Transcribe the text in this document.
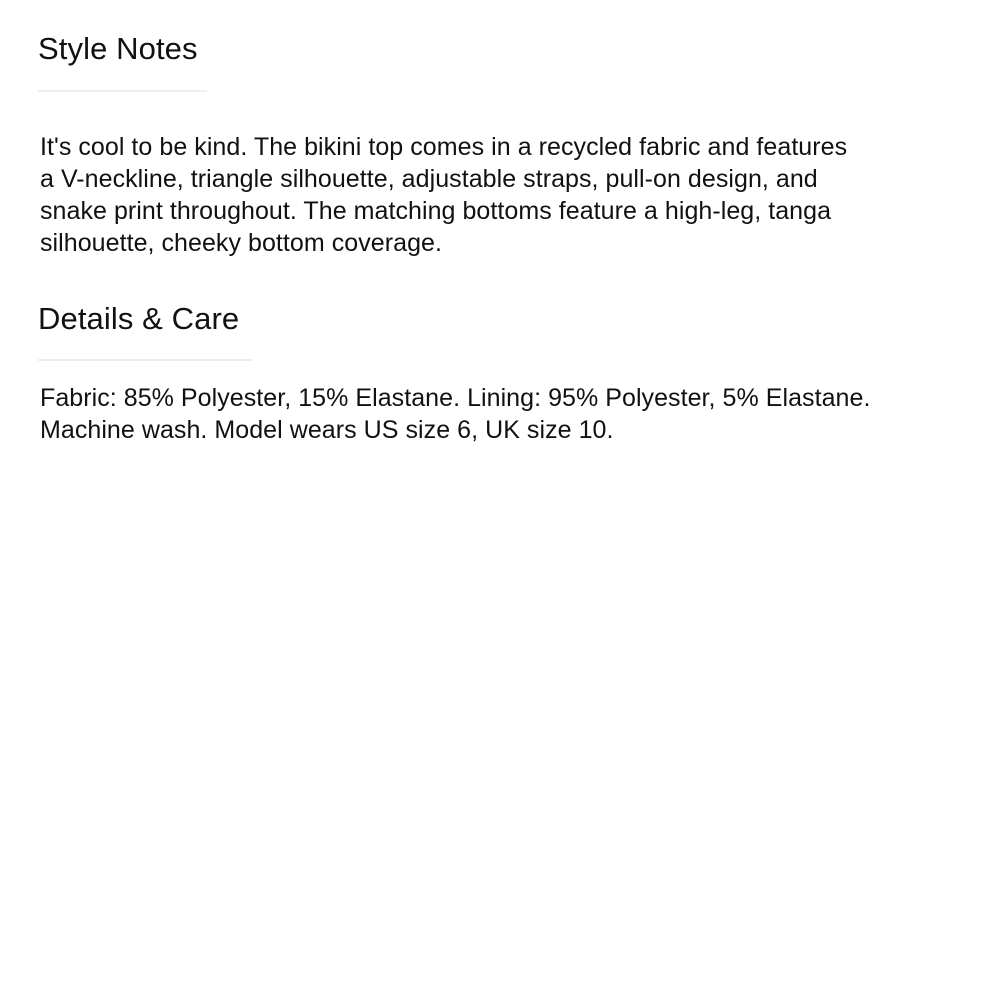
Style Notes

It's cool to be kind. The bikini top comes in a recycled fabric and features
a V-neckline, triangle silhouette, adjustable straps, pull-on design, and
snake print throughout. The matching bottoms feature a high-leg, tanga
silhouette, cheeky bottom coverage.

Details & Care

Fabric: 85% Polyester, 15% Elastane. Lining: 95% Polyester, 5% Elastane.
Machine wash. Model wears US size 6, UK size 10.
